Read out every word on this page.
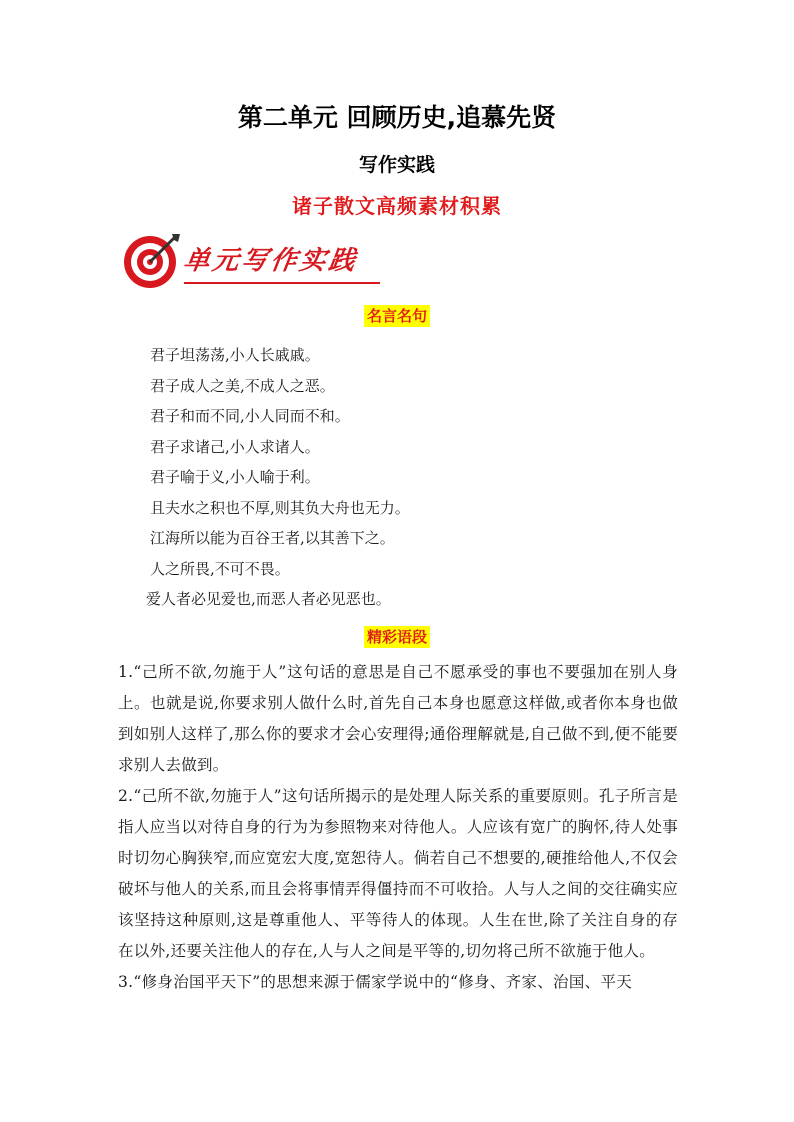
第二单元 回顾历史,追慕先贤
写作实践
诸子散文高频素材积累
单元写作实践
名言名句
君子坦荡荡,小人长戚戚。
君子成人之美,不成人之恶。
君子和而不同,小人同而不和。
君子求诸己,小人求诸人。
君子喻于义,小人喻于利。
且夫水之积也不厚,则其负大舟也无力。
江海所以能为百谷王者,以其善下之。
人之所畏,不可不畏。
爱人者必见爱也,而恶人者必见恶也。
精彩语段

1.“己所不欲,勿施于人”这句话的意思是自己不愿承受的事也不要强加在别人身上。也就是说,你要求别人做什么时,首先自己本身也愿意这样做,或者你本身也做到如别人这样了,那么你的要求才会心安理得;通俗理解就是,自己做不到,便不能要求别人去做到。

2.“己所不欲,勿施于人”这句话所揭示的是处理人际关系的重要原则。孔子所言是指人应当以对待自身的行为为参照物来对待他人。人应该有宽广的胸怀,待人处事时切勿心胸狭窄,而应宽宏大度,宽恕待人。倘若自己不想要的,硬推给他人,不仅会破坏与他人的关系,而且会将事情弄得僵持而不可收拾。人与人之间的交往确实应该坚持这种原则,这是尊重他人、平等待人的体现。人生在世,除了关注自身的存在以外,还要关注他人的存在,人与人之间是平等的,切勿将己所不欲施于他人。

3.“修身治国平天下”的思想来源于儒家学说中的“修身、齐家、治国、平天
